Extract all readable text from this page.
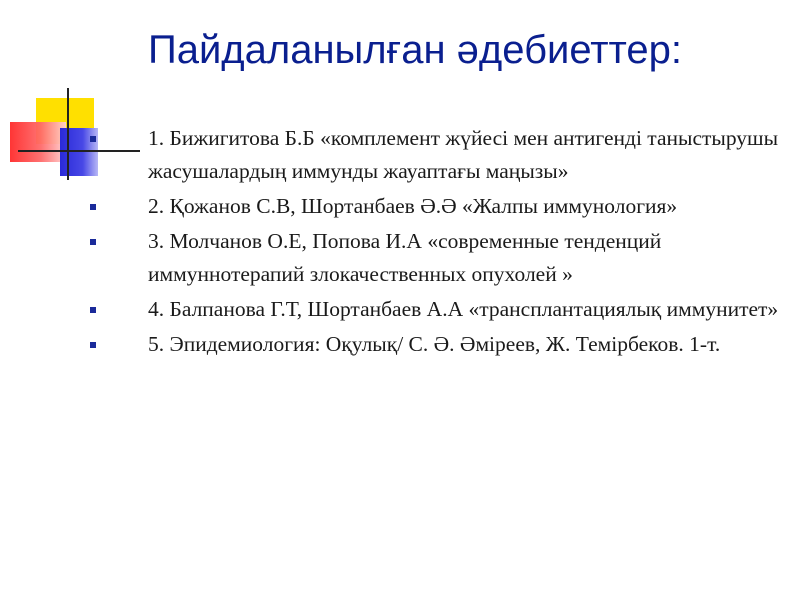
Пайдаланылған әдебиеттер:
1. Бижигитова Б.Б «комплемент жүйесі мен антигенді таныстырушы жасушалардың иммунды жауаптағы маңызы»
2. Қожанов С.В, Шортанбаев Ә.Ә «Жалпы иммунология»
3. Молчанов О.Е, Попова И.А «современные тенденций иммуннотерапий злокачественных опухолей »
4. Балпанова Г.Т, Шортанбаев А.А «трансплантациялық иммунитет»
5. Эпидемиология: Оқулық/ С. Ә. Әміреев, Ж. Темірбеков. 1-т.
